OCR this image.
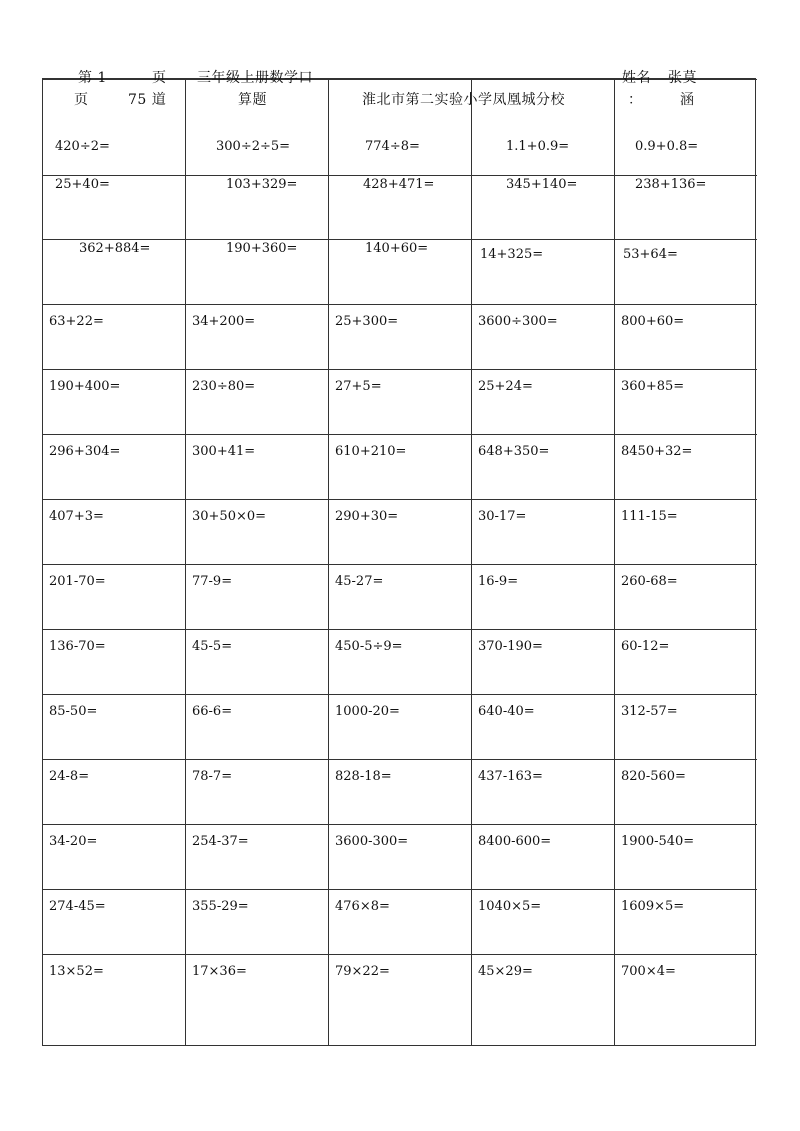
420÷2=	300÷2÷5=	774÷8=	1.1+0.9=	0.9+0.8=
25+40=	103+329=	428+471=	345+140=	238+136=
362+884=	190+360=	140+60=	14+325=	53+64=
63+22=	34+200=	25+300=	3600÷300=	800+60=
190+400=	230÷80=	27+5=	25+24=	360+85=
296+304=	300+41=	610+210=	648+350=	8450+32=
407+3=	30+50×0=	290+30=	30-17=	111-15=
201-70=	77-9=	45-27=	16-9=	260-68=
136-70=	45-5=	450-5÷9=	370-190=	60-12=
85-50=	66-6=	1000-20=	640-40=	312-57=
24-8=	78-7=	828-18=	437-163=	820-560=
34-20=	254-37=	3600-300=	8400-600=	1900-540=
274-45=	355-29=	476×8=	1040×5=	1609×5=
13×52=	17×36=	79×22=	45×29=	700×4=
第 1	页 三年级上册数学口
页	75 道	算题	淮北市第二实验小学凤凰城分校
姓名 张莫
：	涵
